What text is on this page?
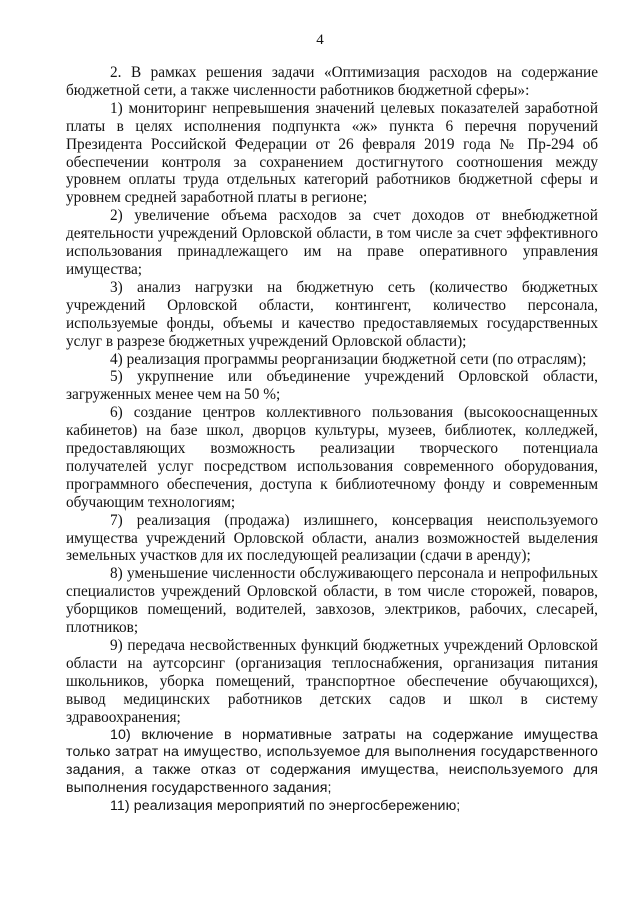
4

2. В рамках решения задачи «Оптимизация расходов на содержание бюджетной сети, а также численности работников бюджетной сферы»:

1) мониторинг непревышения значений целевых показателей заработной платы в целях исполнения подпункта «ж» пункта 6 перечня поручений Президента Российской Федерации от 26 февраля 2019 года № Пр-294 об обеспечении контроля за сохранением достигнутого соотношения между уровнем оплаты труда отдельных категорий работников бюджетной сферы и уровнем средней заработной платы в регионе;

2) увеличение объема расходов за счет доходов от внебюджетной деятельности учреждений Орловской области, в том числе за счет эффективного использования принадлежащего им на праве оперативного управления имущества;

3) анализ нагрузки на бюджетную сеть (количество бюджетных учреждений Орловской области, контингент, количество персонала, используемые фонды, объемы и качество предоставляемых государственных услуг в разрезе бюджетных учреждений Орловской области);

4) реализация программы реорганизации бюджетной сети (по отраслям);

5) укрупнение или объединение учреждений Орловской области, загруженных менее чем на 50 %;

6) создание центров коллективного пользования (высокооснащенных кабинетов) на базе школ, дворцов культуры, музеев, библиотек, колледжей, предоставляющих возможность реализации творческого потенциала получателей услуг посредством использования современного оборудования, программного обеспечения, доступа к библиотечному фонду и современным обучающим технологиям;

7) реализация (продажа) излишнего, консервация неиспользуемого имущества учреждений Орловской области, анализ возможностей выделения земельных участков для их последующей реализации (сдачи в аренду);

8) уменьшение численности обслуживающего персонала и непрофильных специалистов учреждений Орловской области, в том числе сторожей, поваров, уборщиков помещений, водителей, завхозов, электриков, рабочих, слесарей, плотников;

9) передача несвойственных функций бюджетных учреждений Орловской области на аутсорсинг (организация теплоснабжения, организация питания школьников, уборка помещений, транспортное обеспечение обучающихся), вывод медицинских работников детских садов и школ в систему здравоохранения;

10) включение в нормативные затраты на содержание имущества только затрат на имущество, используемое для выполнения государственного задания, а также отказ от содержания имущества, неиспользуемого для выполнения государственного задания;

11) реализация мероприятий по энергосбережению;
